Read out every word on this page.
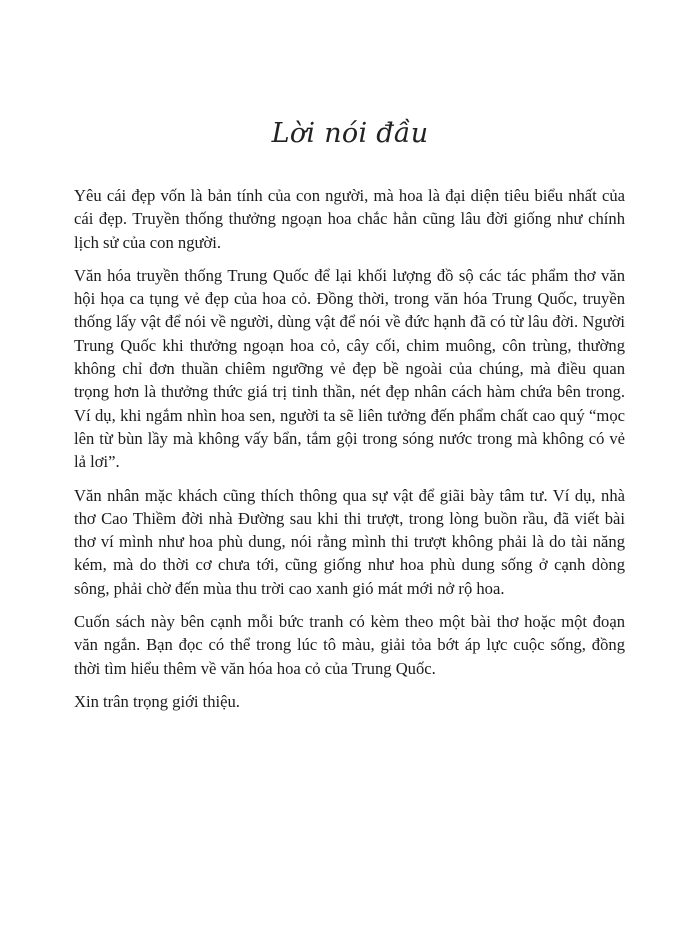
Lời nói đầu

Yêu cái đẹp vốn là bản tính của con người, mà hoa là đại diện tiêu biểu nhất của cái đẹp. Truyền thống thưởng ngoạn hoa chắc hẳn cũng lâu đời giống như chính lịch sử của con người.

Văn hóa truyền thống Trung Quốc để lại khối lượng đồ sộ các tác phẩm thơ văn hội họa ca tụng vẻ đẹp của hoa cỏ. Đồng thời, trong văn hóa Trung Quốc, truyền thống lấy vật để nói về người, dùng vật để nói về đức hạnh đã có từ lâu đời. Người Trung Quốc khi thưởng ngoạn hoa cỏ, cây cối, chim muông, côn trùng, thường không chỉ đơn thuần chiêm ngưỡng vẻ đẹp bề ngoài của chúng, mà điều quan trọng hơn là thưởng thức giá trị tinh thần, nét đẹp nhân cách hàm chứa bên trong. Ví dụ, khi ngắm nhìn hoa sen, người ta sẽ liên tưởng đến phẩm chất cao quý “mọc lên từ bùn lầy mà không vấy bẩn, tắm gội trong sóng nước trong mà không có vẻ lả lơi”.

Văn nhân mặc khách cũng thích thông qua sự vật để giãi bày tâm tư. Ví dụ, nhà thơ Cao Thiềm đời nhà Đường sau khi thi trượt, trong lòng buồn rầu, đã viết bài thơ ví mình như hoa phù dung, nói rằng mình thi trượt không phải là do tài năng kém, mà do thời cơ chưa tới, cũng giống như hoa phù dung sống ở cạnh dòng sông, phải chờ đến mùa thu trời cao xanh gió mát mới nở rộ hoa.

Cuốn sách này bên cạnh mỗi bức tranh có kèm theo một bài thơ hoặc một đoạn văn ngắn. Bạn đọc có thể trong lúc tô màu, giải tỏa bớt áp lực cuộc sống, đồng thời tìm hiểu thêm về văn hóa hoa cỏ của Trung Quốc.

Xin trân trọng giới thiệu.
